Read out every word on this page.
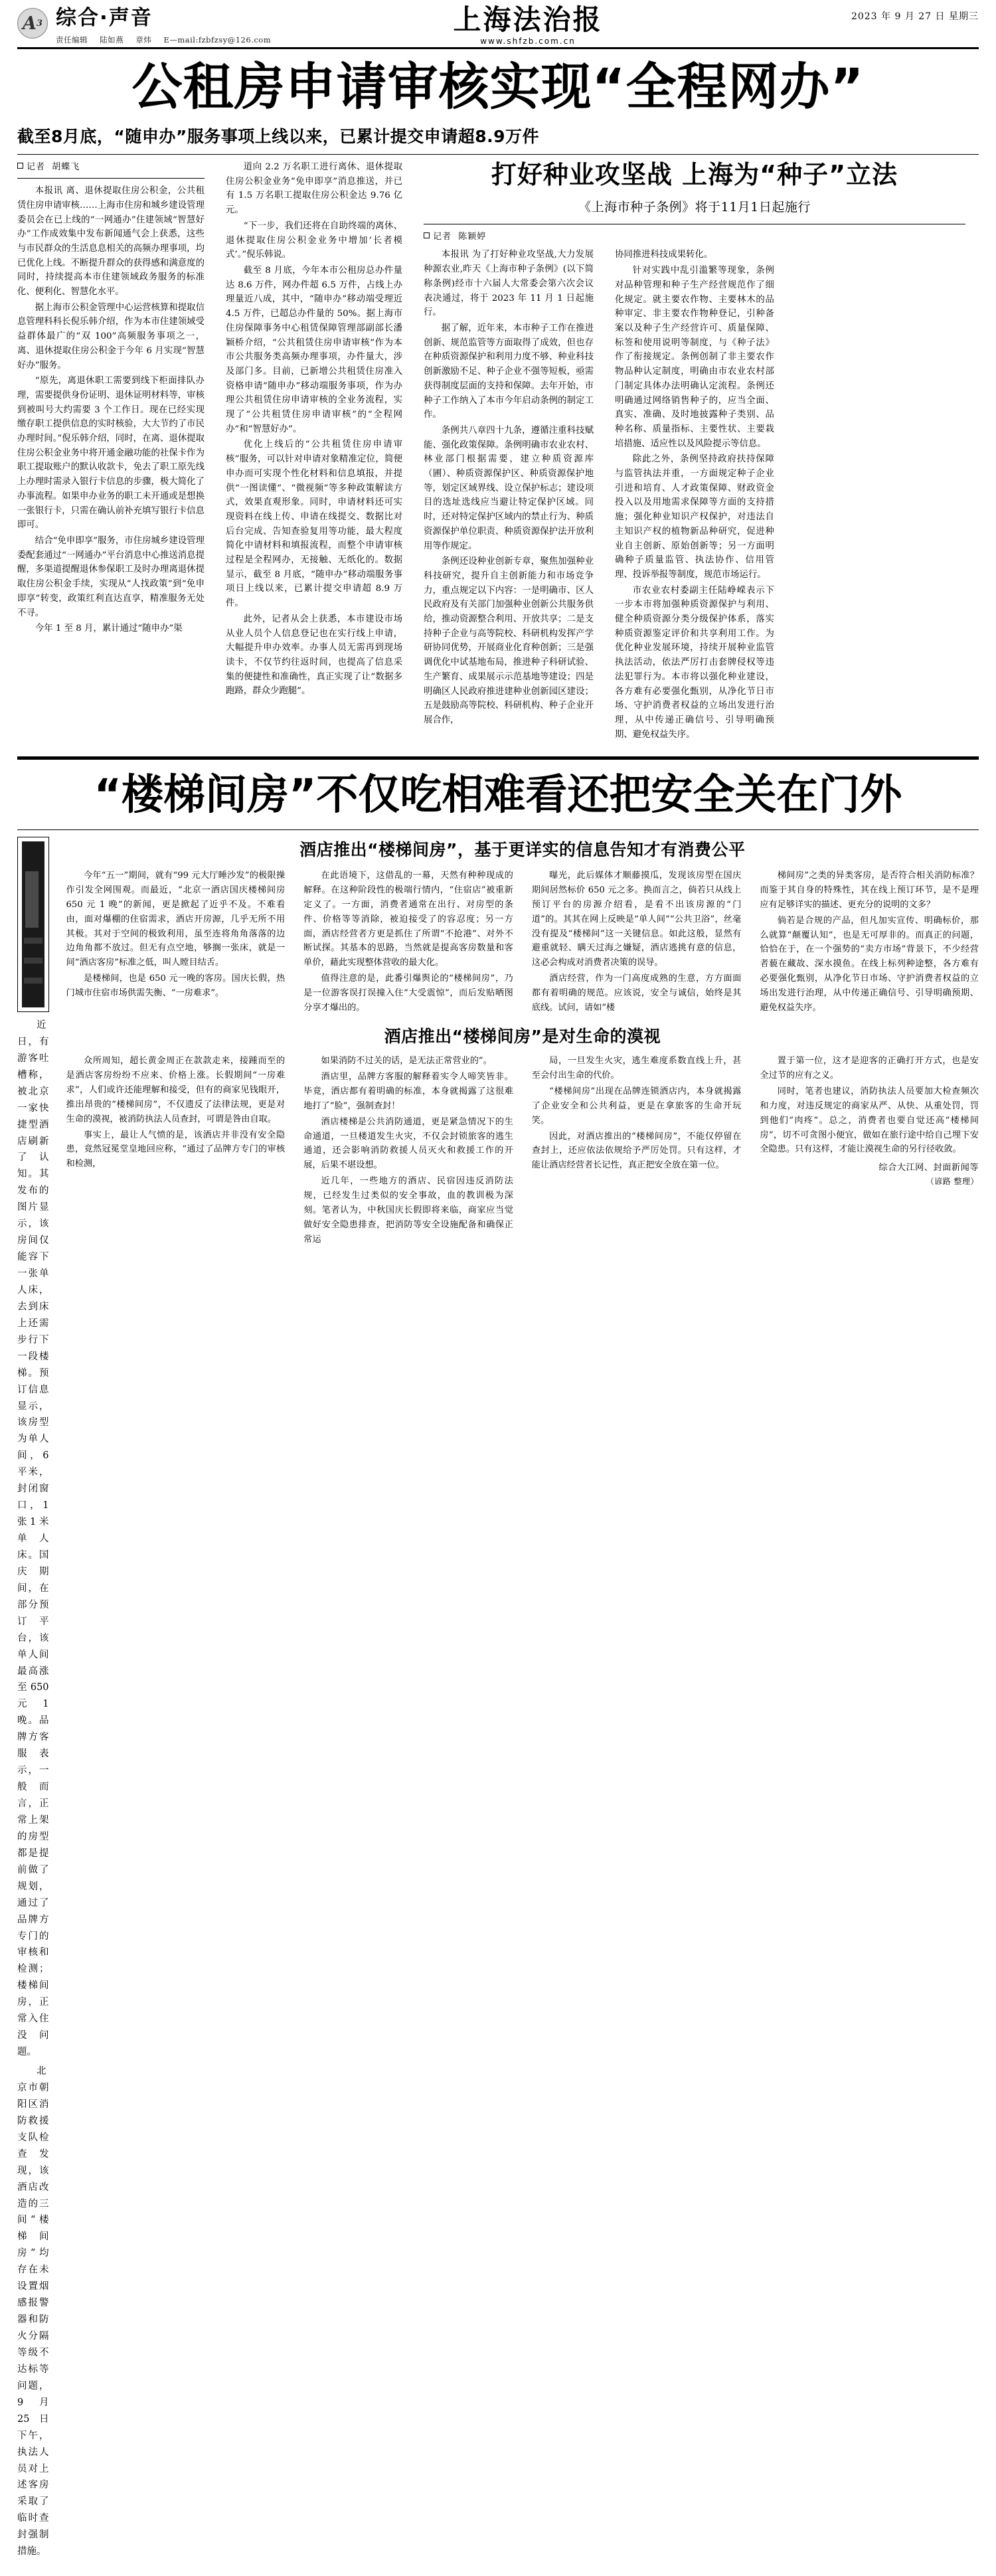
A 3 综合·声音
责任编辑 陆如燕 章炜 E—mail:fzbfzsy@126.com
上海法治报
www.shfzb.com.cn
2023 年 9 月 27 日 星期三
公租房申请审核实现“全程网办”
截至8月底，“随申办”服务事项上线以来，已累计提交申请超8.9万件
记者 胡蝶飞

本报讯 离、退休提取住房公积金，公共租赁住房申请审核……上海市住房和城乡建设管理委员会在已上线的“一网通办”住建领域“智慧好办”工作成效集中发布新闻通气会上获悉，这些与市民群众的生活息息相关的高频办理事项，均已优化上线。不断提升群众的获得感和满意度的同时，持续提高本市住建领域政务服务的标准化、便利化、智慧化水平。

据上海市公积金管理中心运营核算和提取信息管理科科长倪乐韩介绍，作为本市住建领域受益群体最广的“双 100”高频服务事项之一，离、退休提取住房公积金于今年 6 月实现“智慧好办”服务。

“原先，离退休职工需要到线下柜面排队办理，需要提供身份证明、退休证明材料等，审核到被叫号大约需要 3 个工作日。现在已经实现缴存职工提供信息的实时核验，大大节约了市民办理时间。”倪乐韩介绍，同时，在离、退休提取住房公积金业务中将开通金融功能的社保卡作为职工提取账户的默认收款卡，免去了职工原先线上办理时需录入银行卡信息的步骤，极大简化了办事流程。如果申办业务的职工未开通或是想换一张银行卡，只需在确认前补充填写银行卡信息即可。

结合“免申即享”服务，市住房城乡建设管理委配套通过“一网通办”平台消息中心推送消息提醒，多渠道提醒退休参保职工及时办理离退休提取住房公积金手续，实现从“人找政策”到“免申即享”转变，政策红利直达直享，精准服务无处不寻。

今年 1 至 8 月，累计通过“随申办”渠

道向 2.2 万名职工进行离休、退休提取住房公积金业务“免申即享”消息推送，并已有 1.5 万名职工提取住房公积金达 9.76 亿元。

“下一步，我们还将在自助终端的离休、退休提取住房公积金业务中增加‘长者模式’。”倪乐韩说。

截至 8 月底，今年本市公租房总办件量达 8.6 万件，网办件超 6.5 万件，占线上办理量近八成，其中，“随申办”移动端受理近 4.5 万件，已超总办件量的 50%。据上海市住房保障事务中心租赁保障管理部副部长潘颖桥介绍，“公共租赁住房申请审核”作为本市公共服务类高频办理事项，办件量大，涉及部门多。目前，已新增公共租赁住房准入资格申请“随申办”移动端服务事项，作为办理公共租赁住房申请审核的全业务流程，实现了“公共租赁住房申请审核”的“全程网办”和“智慧好办”。

优化上线后的“公共租赁住房申请审核”服务，可以针对申请对象精准定位，简便申办而可实现个性化材料和信息填报，并提供“一图读懂”、“微视频”等多种政策解读方式，效果直观形象。同时，申请材料还可实现资料在线上传、申请在线提交、数据比对后台完成、告知查验复用等功能，最大程度简化中请材料和填报流程，而整个申请审核过程是全程网办，无接触、无纸化的。数据显示，截至 8 月底，“随申办”移动端服务事项日上线以来，已累计提交申请超 8.9 万件。

此外，记者从会上获悉，本市建设市场从业人员个人信息登记也在实行线上申请，大幅提升申办效率。办事人员无需再到现场读卡，不仅节约往返时间，也提高了信息采集的便捷性和准确性，真正实现了让“数据多跑路，群众少跑腿”。

打好种业攻坚战 上海为“种子”立法
《上海市种子条例》将于11月1日起施行
记者 陈颖婷

本报讯 为了打好种业攻坚战,大力发展种源农业,昨天《上海市种子条例》(以下简称条例)经市十六届人大常委会第六次会议表决通过，将于 2023 年 11 月 1 日起施行。

据了解，近年来，本市种子工作在推进创新、规范监管等方面取得了成效，但也存在种质资源保护和利用力度不够、种业科技创新激励不足、种子企业不强等短板，亟需获得制度层面的支持和保障。去年开始，市种子工作纳入了本市今年启动条例的制定工作。

条例共八章四十九条，遵循注重科技赋能、强化政策保障。条例明确市农业农村、林业部门根据需要，建立种质资源库（圃）、种质资源保护区、种质资源保护地等，划定区域界线、设立保护标志；建设项目的选址选线应当避让特定保护区域。同时，还对特定保护区域内的禁止行为、种质资源保护单位职责、种质资源保护法开放利用等作规定。

条例还设种业创新专章，聚焦加强种业科技研究，提升自主创新能力和市场竞争力，重点规定以下内容：一是明确市、区人民政府及有关部门加强种业创新公共服务供给，推动资源整合利用、开放共享；二是支持种子企业与高等院校、科研机构发挥产学研协同优势，开展商业化育种创新；三是强调优化中试基地布局，推进种子科研试验、生产繁育、成果展示示范基地等建设；四是明确区人民政府推进建种业创新园区建设；五是鼓励高等院校、科研机构、种子企业开展合作，

协同推进科技成果转化。

针对实践中乱引滥繁等现象，条例对品种管理和种子生产经营规范作了细化规定。就主要农作物、主要林木的品种审定、非主要农作物种登记，引种备案以及种子生产经营许可、质量保障、标签和使用说明等制度，与《种子法》作了衔接规定。条例创制了非主要农作物品种认定制度，明确由市农业农村部门制定具体办法明确认定流程。条例还明确通过网络销售种子的，应当全面、真实、准确、及时地披露种子类别、品种名称、质量指标、主要性状、主要栽培措施、适应性以及风险提示等信息。

除此之外，条例坚持政府扶持保障与监管执法并重，一方面规定种子企业引进和培育、人才政策保障、财政资金投入以及用地需求保障等方面的支持措施；强化种业知识产权保护，对违法自主知识产权的植物新品种研究，促进种业自主创新、原始创新等；另一方面明确种子质量监管、执法协作、信用管理、投诉举报等制度，规范市场运行。

市农业农村委副主任陆峥嵘表示下一步本市将加强种质资源保护与利用、健全种质资源分类分级保护体系，落实种质资源鉴定评价和共享利用工作。为优化种业发展环境，持续开展种业监管执法活动，依法严厉打击套牌侵权等违法犯罪行为。本市将以强化种业建设，各方难有必要强化甄别，从净化节日市场、守护消费者权益的立场出发进行治理，从中传递正确信号、引导明确预期、避免权益失序。

“楼梯间房”不仅吃相难看还把安全关在门外

近日，有游客吐槽称，被北京一家快捷型酒店刷新了认知。其发布的图片显示，该房间仅能容下一张单人床，去到床上还需步行下一段楼梯。预订信息显示，该房型为单人间，6 平米，封闭窗口，1 张 1 米单人床。国庆期间，在部分预订平台，该单人间最高涨至 650 元 1 晚。品牌方客服表示，一般而言，正常上架的房型都是提前做了规划，通过了品牌方专门的审核和检测；楼梯间房，正常入住没问题。

北京市朝阳区消防救援支队检查发现，该酒店改造的三间“楼梯间房”均存在未设置烟感报警器和防火分隔等级不达标等问题，9 月 25 日下午，执法人员对上述客房采取了临时查封强制措施。

酒店推出“楼梯间房”，基于更详实的信息告知才有消费公平

今年“五一”期间，就有“99 元大厅睡沙发”的极限操作引发全网围观。而最近，“北京一酒店国庆楼梯间房 650 元 1 晚”的新闻，更是掀起了近乎不及。不难看由，面对爆棚的住宿需求，酒店开房源，几乎无所不用其极。其对于空间的极致利用，虽至连将角角落落的边边角角都不放过。但无有点空地，够搁一张床，就是一间“酒店客房”标准之低，叫人瞠目结舌。

是楼梯间，也是 650 元一晚的客房。国庆长假，热门城市住宿市场供需失衡、“一房难求”。

在此语境下，这借乱的一幕，天然有种种现成的解释。在这种阶段性的极端行情内，“住宿店”被重新定义了。一方面，消费者通常在出行、对房型的条件、价格等等消除，被迫接受了的容忍度；另一方面，酒店经营者方更是抓住了所谓“不抢港”、对外不断试探。其基本的思路，当然就是提高客房数量和客单价，藉此实现整体营收的最大化。

值得注意的是，此番引爆舆论的“楼梯间房”，乃是一位游客误打误撞入住“大受震惊”，而后发贴晒图分享才爆出的。

曝光，此后媒体才顺藤摸瓜，发现该房型在国庆期间居然标价 650 元之多。换而言之，倘若只从线上预订平台的房源介绍看，是看不出该房源的“门道”的。其其在网上反映是“单人间”“公共卫浴”，丝毫没有提及“楼梯间”这一关键信息。如此这般，显然有避重就轻、瞒天过海之嫌疑，酒店逃挑有意的信息，这必会构成对消费者决策的误导。

酒店经营，作为一门高度成熟的生意，方方面面都有着明确的规范。应该说，安全与诚信，始终是其底线。试问，请如“楼

梯间房”之类的异类客房，是否符合相关消防标准？而鉴于其自身的特殊性，其在线上预订环节，是不是理应有足够详实的描述、更充分的说明的文多？

倘若是合规的产品，但凡加实宣传、明确标价，那么就算“颠覆认知”，也是无可厚非的。而真正的问题，恰恰在于，在一个强势的“卖方市场”背景下，不少经营者藐在藏故、深水摸鱼。在线上标列种途整，各方难有必要强化甄别，从净化节日市场、守护消费者权益的立场出发进行治理，从中传递正确信号、引导明确预期、避免权益失序。

酒店推出“楼梯间房”是对生命的漠视

众所周知，超长黄金周正在款款走来，接踵而至的是酒店客房纷纷不应来、价格上涨。长假期间“一房难求”，人们或许还能理解和接受，但有的商家见钱眼开，推出昂贵的“楼梯间房”，不仅遗反了法律法规，更是对生命的漠视，被消防执法人员查封，可谓是咎由自取。

事实上，最让人气愤的是，该酒店并非没有安全隐患，竟然冠冕堂皇地回应称，“通过了品牌方专门的审核和检测，

如果消防不过关的话，是无法正常营业的”。

酒店里，品牌方客服的解释着实令人啼笑皆非。毕竟，酒店都有着明确的标准，本身就揭露了这很难地打了“脸”，强制查封！

酒店楼梯是公共消防通道，更是紧急情况下的生命通道，一旦楼道发生火灾，不仅会封锁旅客的逃生通道，还会影响消防救援人员灭火和救援工作的开展，后果不堪设想。

近几年，一些地方的酒店、民宿因违反消防法规，已经发生过类似的安全事故，血的教训极为深刻。笔者认为，中秋国庆长假即将来临，商家应当觉做好安全隐患排查，把消防等安全设施配备和确保正常运

局，一旦发生火灾，逃生难度系数直线上升，甚至会付出生命的代价。

“楼梯间房”出现在品牌连锁酒店内，本身就揭露了企业安全和公共利益，更是在拿旅客的生命开玩笑。

因此，对酒店推出的“楼梯间房”，不能仅停留在查封上，还应依法依规给予严厉处罚。只有这样，才能让酒店经营者长记性，真正把安全放在第一位。

置于第一位，这才是迎客的正确打开方式，也是安全过节的应有之义。

同时，笔者也建议，消防执法人员要加大检查频次和力度，对违反规定的商家从严、从快、从重处罚，罚到他们“肉疼”。总之，消费者也要自觉还高“楼梯间房”，切不可贪图小便宜，做如在旅行途中给自己埋下安全隐患。只有这样，才能让漠视生命的另行径收敛。

综合大江网、封面新闻等
（谚路 整理）
